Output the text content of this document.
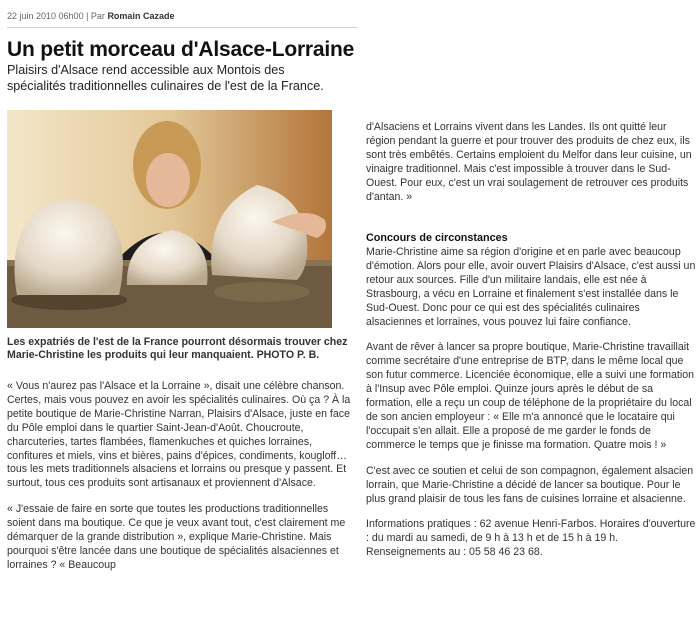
22 juin 2010 06h00 | Par Romain Cazade
Un petit morceau d'Alsace-Lorraine
Plaisirs d'Alsace rend accessible aux Montois des spécialités traditionnelles culinaires de l'est de la France.
Les expatriés de l'est de la France pourront désormais trouver chez Marie-Christine les produits qui leur manquaient. PHOTO P. B.

« Vous n'aurez pas l'Alsace et la Lorraine », disait une célèbre chanson. Certes, mais vous pouvez en avoir les spécialités culinaires. Où ça ? À la petite boutique de Marie-Christine Narran, Plaisirs d'Alsace, juste en face du Pôle emploi dans le quartier Saint-Jean-d'Août. Choucroute, charcuteries, tartes flambées, flamenkuches et quiches lorraines, confitures et miels, vins et bières, pains d'épices, condiments, kougloff… tous les mets traditionnels alsaciens et lorrains ou presque y passent. Et surtout, tous ces produits sont artisanaux et proviennent d'Alsace.

« J'essaie de faire en sorte que toutes les productions traditionnelles soient dans ma boutique. Ce que je veux avant tout, c'est clairement me démarquer de la grande distribution », explique Marie-Christine. Mais pourquoi s'être lancée dans une boutique de spécialités alsaciennes et lorraines ? « Beaucoup

d'Alsaciens et Lorrains vivent dans les Landes. Ils ont quitté leur région pendant la guerre et pour trouver des produits de chez eux, ils sont très embêtés. Certains emploient du Melfor dans leur cuisine, un vinaigre traditionnel. Mais c'est impossible à trouver dans le Sud-Ouest. Pour eux, c'est un vrai soulagement de retrouver ces produits d'antan. »
Concours de circonstances

Marie-Christine aime sa région d'origine et en parle avec beaucoup d'émotion. Alors pour elle, avoir ouvert Plaisirs d'Alsace, c'est aussi un retour aux sources. Fille d'un militaire landais, elle est née à Strasbourg, a vécu en Lorraine et finalement s'est installée dans le Sud-Ouest. Donc pour ce qui est des spécialités culinaires alsaciennes et lorraines, vous pouvez lui faire confiance.

Avant de rêver à lancer sa propre boutique, Marie-Christine travaillait comme secrétaire d'une entreprise de BTP, dans le même local que son futur commerce. Licenciée économique, elle a suivi une formation à l'Insup avec Pôle emploi. Quinze jours après le début de sa formation, elle a reçu un coup de téléphone de la propriétaire du local de son ancien employeur : « Elle m'a annoncé que le locataire qui l'occupait s'en allait. Elle a proposé de me garder le fonds de commerce le temps que je finisse ma formation. Quatre mois ! »

C'est avec ce soutien et celui de son compagnon, également alsacien lorrain, que Marie-Christine a décidé de lancer sa boutique. Pour le plus grand plaisir de tous les fans de cuisines lorraine et alsacienne.

Informations pratiques : 62 avenue Henri-Farbos. Horaires d'ouverture : du mardi au samedi, de 9 h à 13 h et de 15 h à 19 h. Renseignements au : 05 58 46 23 68.
